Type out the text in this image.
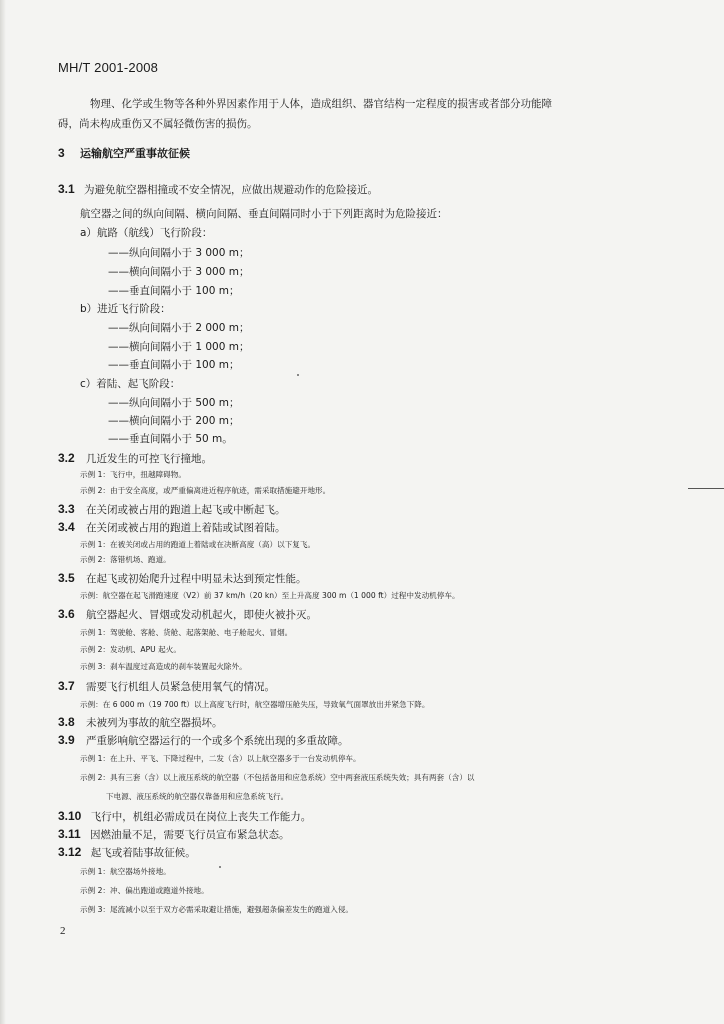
MH/T 2001-2008
物理、化学或生物等各种外界因素作用于人体，造成组织、器官结构一定程度的损害或者部分功能障
碍，尚未构成重伤又不属轻微伤害的损伤。
3 运输航空严重事故征候
3.1 为避免航空器相撞或不安全情况，应做出规避动作的危险接近。
航空器之间的纵向间隔、横向间隔、垂直间隔同时小于下列距离时为危险接近：
a）航路（航线）飞行阶段：
——纵向间隔小于 3 000 m；
——横向间隔小于 3 000 m；
——垂直间隔小于 100 m；
b）进近飞行阶段：
——纵向间隔小于 2 000 m；
——横向间隔小于 1 000 m；
——垂直间隔小于 100 m；
c）着陆、起飞阶段：
——纵向间隔小于 500 m；
——横向间隔小于 200 m；
——垂直间隔小于 50 m。
3.2 几近发生的可控飞行撞地。
示例 1：飞行中，扭越障碍物。
示例 2：由于安全高度，或严重偏离进近程序航迹，需采取措施避开地形。
3.3 在关闭或被占用的跑道上起飞或中断起飞。
3.4 在关闭或被占用的跑道上着陆或试图着陆。
示例 1：在被关闭或占用的跑道上着陆或在决断高度（高）以下复飞。
示例 2：落错机场、跑道。
3.5 在起飞或初始爬升过程中明显未达到预定性能。
示例：航空器在起飞滑跑速度（V2）前 37 km/h（20 kn）至上升高度 300 m（1 000 ft）过程中发动机停车。
3.6 航空器起火、冒烟或发动机起火，即使火被扑灭。
示例 1：驾驶舱、客舱、货舱、起落架舱、电子舱起火、冒烟。
示例 2：发动机、APU 起火。
示例 3：刹车温度过高造成的刹车装置起火除外。
3.7 需要飞行机组人员紧急使用氧气的情况。
示例：在 6 000 m（19 700 ft）以上高度飞行时，航空器增压舱失压，导致氧气面罩放出并紧急下降。
3.8 未被列为事故的航空器损坏。
3.9 严重影响航空器运行的一个或多个系统出现的多重故障。
示例 1：在上升、平飞、下降过程中，二发（含）以上航空器多于一台发动机停车。
示例 2：具有三套（含）以上液压系统的航空器（不包括备用和应急系统）空中两套液压系统失效；具有两套（含）以
下电源、液压系统的航空器仅靠备用和应急系统飞行。
3.10 飞行中，机组必需成员在岗位上丧失工作能力。
3.11 因燃油量不足，需要飞行员宣布紧急状态。
3.12 起飞或着陆事故征候。
示例 1：航空器场外接地。
示例 2：冲、偏出跑道或跑道外接地。
示例 3：尾流减小以至于双方必需采取避让措施，避强超条偏差发生的跑道入侵。
2
